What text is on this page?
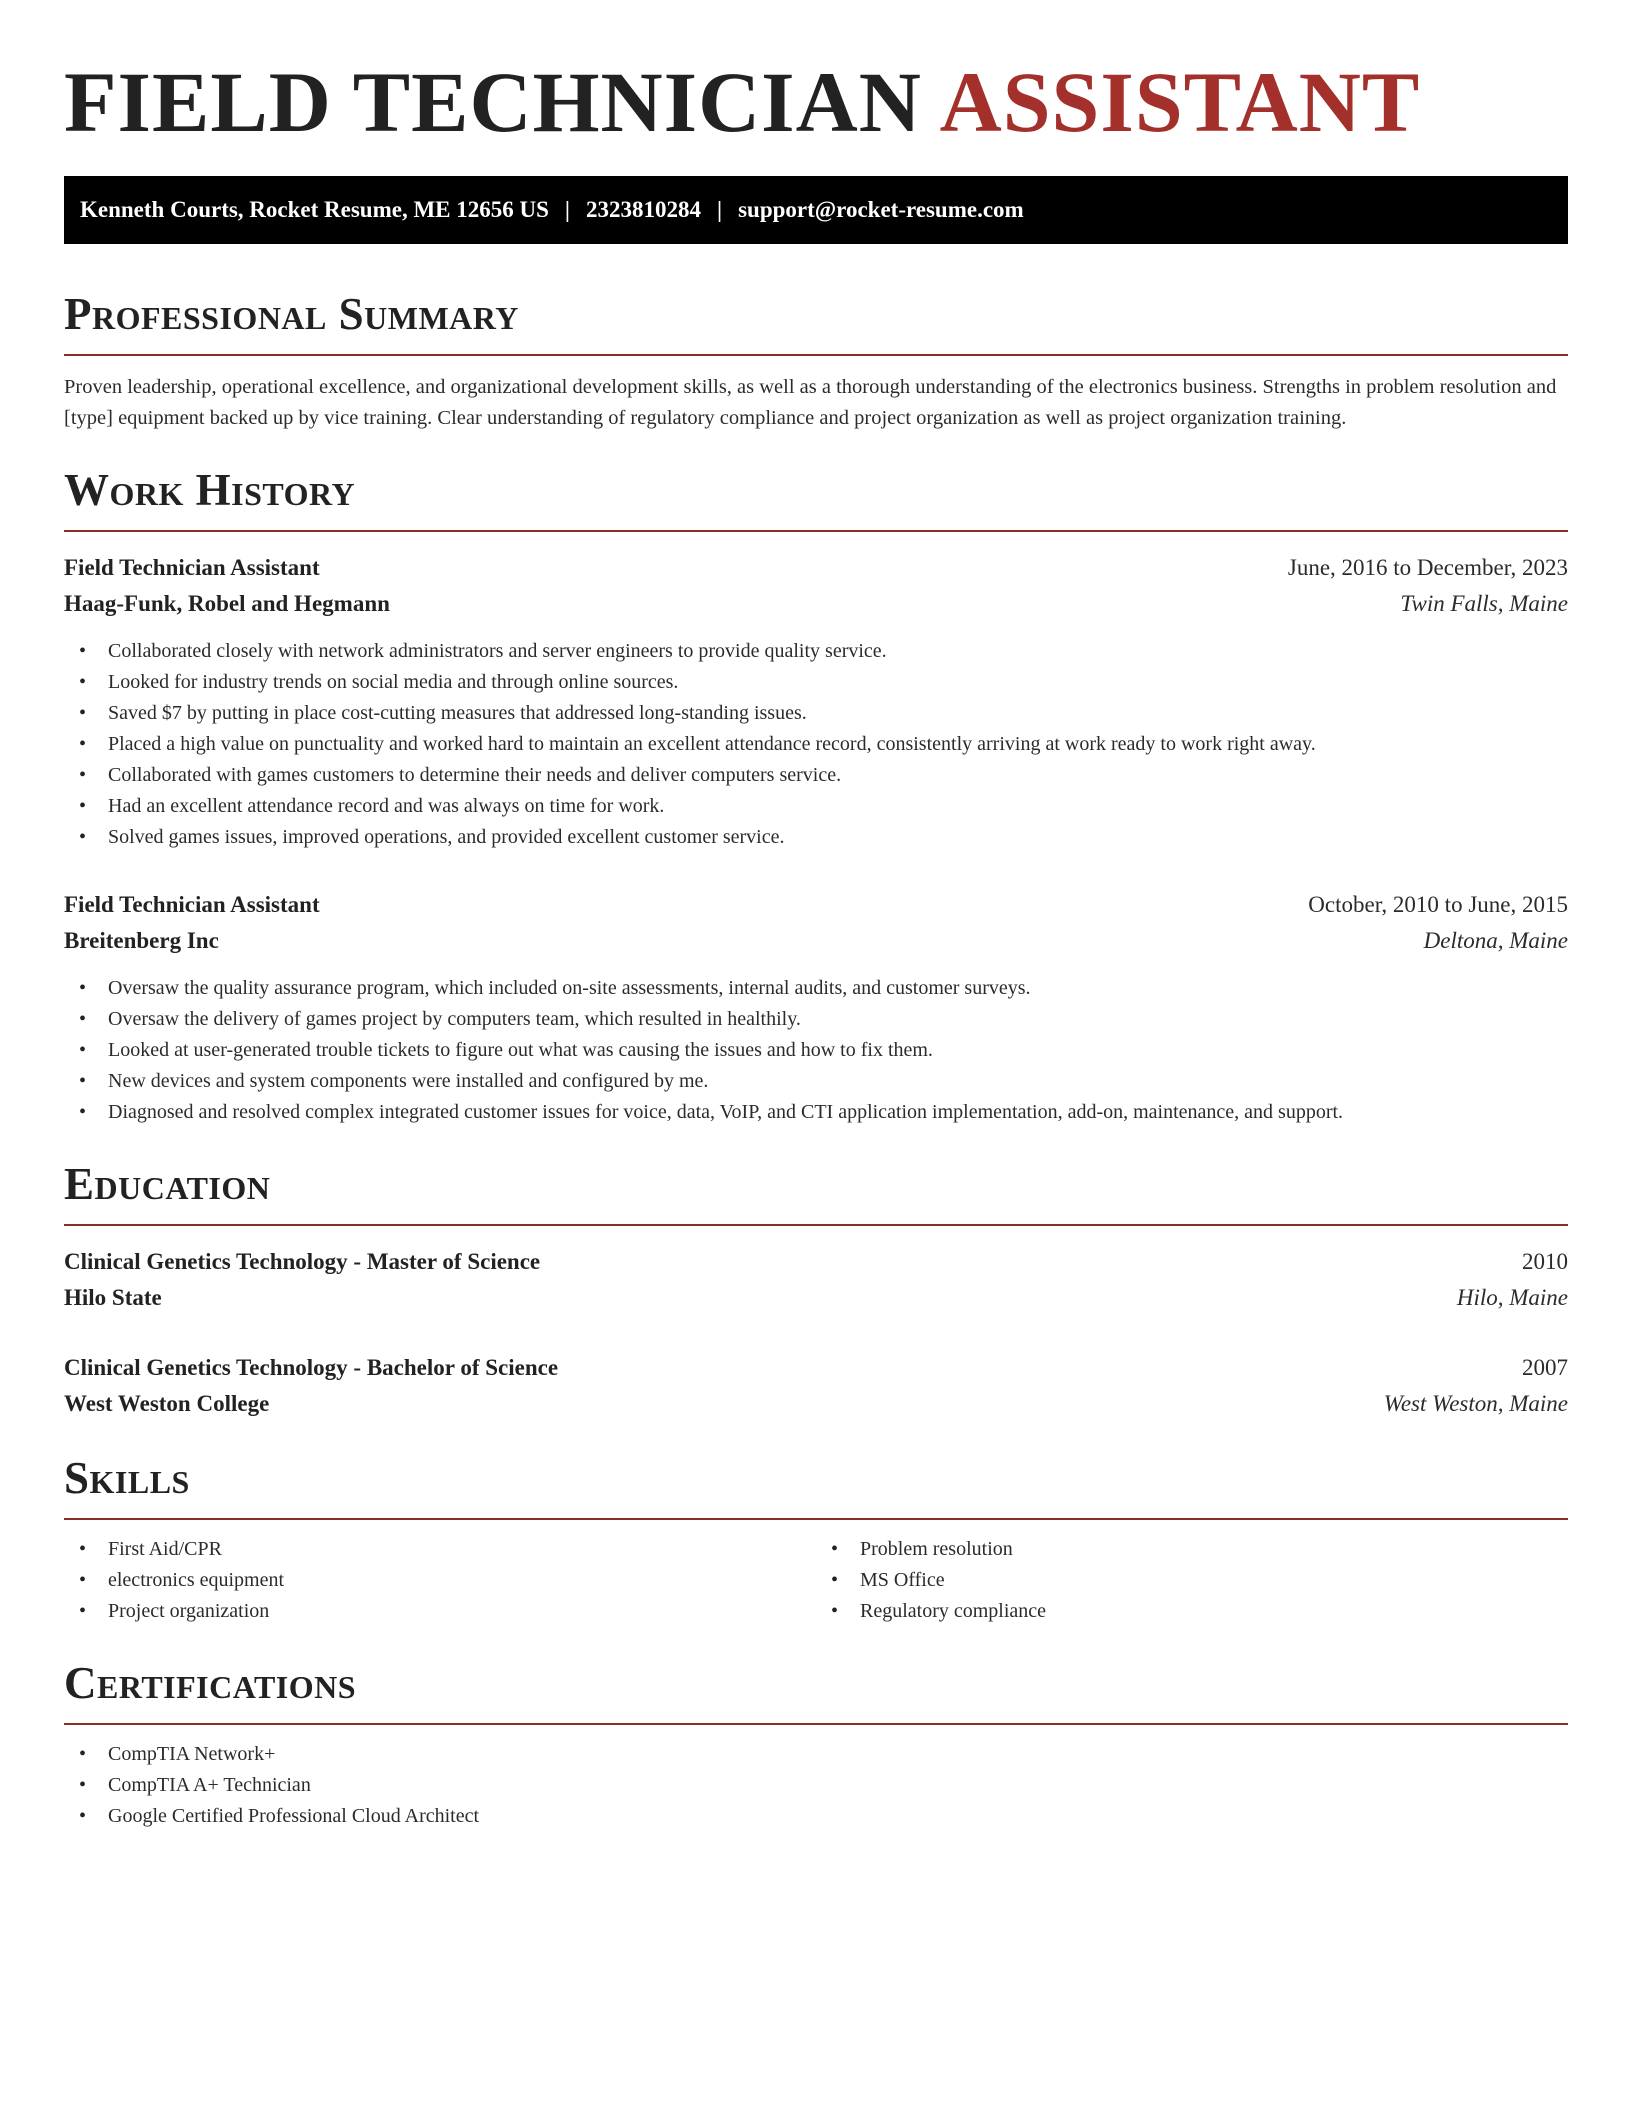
FIELD TECHNICIAN ASSISTANT
Kenneth Courts, Rocket Resume, ME 12656 US | 2323810284 | support@rocket-resume.com
Professional Summary

Proven leadership, operational excellence, and organizational development skills, as well as a thorough understanding of the electronics business. Strengths in problem resolution and [type] equipment backed up by vice training. Clear understanding of regulatory compliance and project organization as well as project organization training.

Work History
Field Technician Assistant	June, 2016 to December, 2023
Haag-Funk, Robel and Hegmann	Twin Falls, Maine
• Collaborated closely with network administrators and server engineers to provide quality service.
• Looked for industry trends on social media and through online sources.
• Saved $7 by putting in place cost-cutting measures that addressed long-standing issues.
• Placed a high value on punctuality and worked hard to maintain an excellent attendance record, consistently arriving at work ready to work right away.
• Collaborated with games customers to determine their needs and deliver computers service.
• Had an excellent attendance record and was always on time for work.
• Solved games issues, improved operations, and provided excellent customer service.
Field Technician Assistant	October, 2010 to June, 2015
Breitenberg Inc	Deltona, Maine
• Oversaw the quality assurance program, which included on-site assessments, internal audits, and customer surveys.
• Oversaw the delivery of games project by computers team, which resulted in healthily.
• Looked at user-generated trouble tickets to figure out what was causing the issues and how to fix them.
• New devices and system components were installed and configured by me.
• Diagnosed and resolved complex integrated customer issues for voice, data, VoIP, and CTI application implementation, add-on, maintenance, and support.
Education
Clinical Genetics Technology - Master of Science	2010
Hilo State	Hilo, Maine
Clinical Genetics Technology - Bachelor of Science	2007
West Weston College	West Weston, Maine
Skills
• First Aid/CPR
• electronics equipment
• Project organization
• Problem resolution
• MS Office
• Regulatory compliance
Certifications
• CompTIA Network+
• CompTIA A+ Technician
• Google Certified Professional Cloud Architect
